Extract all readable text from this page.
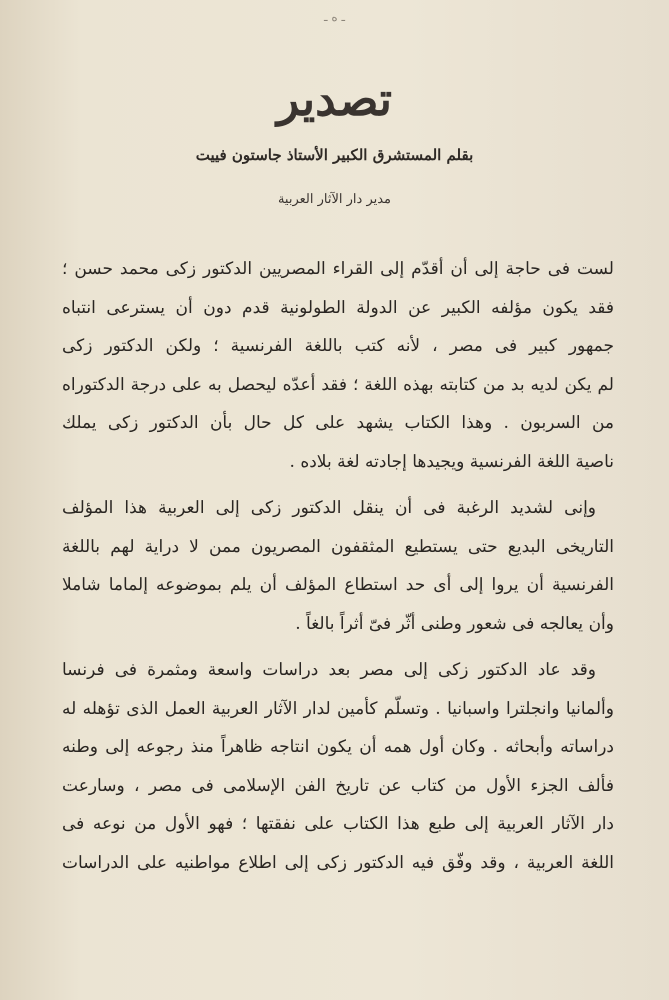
ـ ه ـ
تصدير
بقلم المستشرق الكبير الأستاذ جاستون فييت
مدير دار الآثار العربية
لست فى حاجة إلى أن أقدّم إلى القراء المصريين الدكتور زكى محمد حسن ؛
فقد يكون مؤلفه الكبير عن الدولة الطولونية قدم دون أن يسترعى انتباه
جمهور كبير فى مصر ، لأنه كتب باللغة الفرنسية ؛ ولكن الدكتور زكى
لم يكن لديه بد من كتابته بهذه اللغة ؛ فقد أعدّه ليحصل به على درجة الدكتوراه
من السربون . وهذا الكتاب يشهد على كل حال بأن الدكتور زكى يملك
ناصية اللغة الفرنسية ويجيدها إجادته لغة بلاده .
وإنى لشديد الرغبة فى أن ينقل الدكتور زكى إلى العربية هذا المؤلف
التاريخى البديع حتى يستطيع المثقفون المصريون ممن لا دراية لهم باللغة
الفرنسية أن يروا إلى أى حد استطاع المؤلف أن يلم بموضوعه إلماما شاملا
وأن يعالجه فى شعور وطنى أثّر فىّ أثراً بالغاً .
وقد عاد الدكتور زكى إلى مصر بعد دراسات واسعة ومثمرة فى فرنسا
وألمانيا وانجلترا واسبانيا . وتسلّم كأمين لدار الآثار العربية العمل الذى تؤهله له
دراساته وأبحاثه . وكان أول همه أن يكون انتاجه ظاهراً منذ رجوعه إلى وطنه
فألف الجزء الأول من كتاب عن تاريخ الفن الإسلامى فى مصر ، وسارعت
دار الآثار العربية إلى طبع هذا الكتاب على نفقتها ؛ فهو الأول من نوعه فى
اللغة العربية ، وقد وفّق فيه الدكتور زكى إلى اطلاع مواطنيه على الدراسات
